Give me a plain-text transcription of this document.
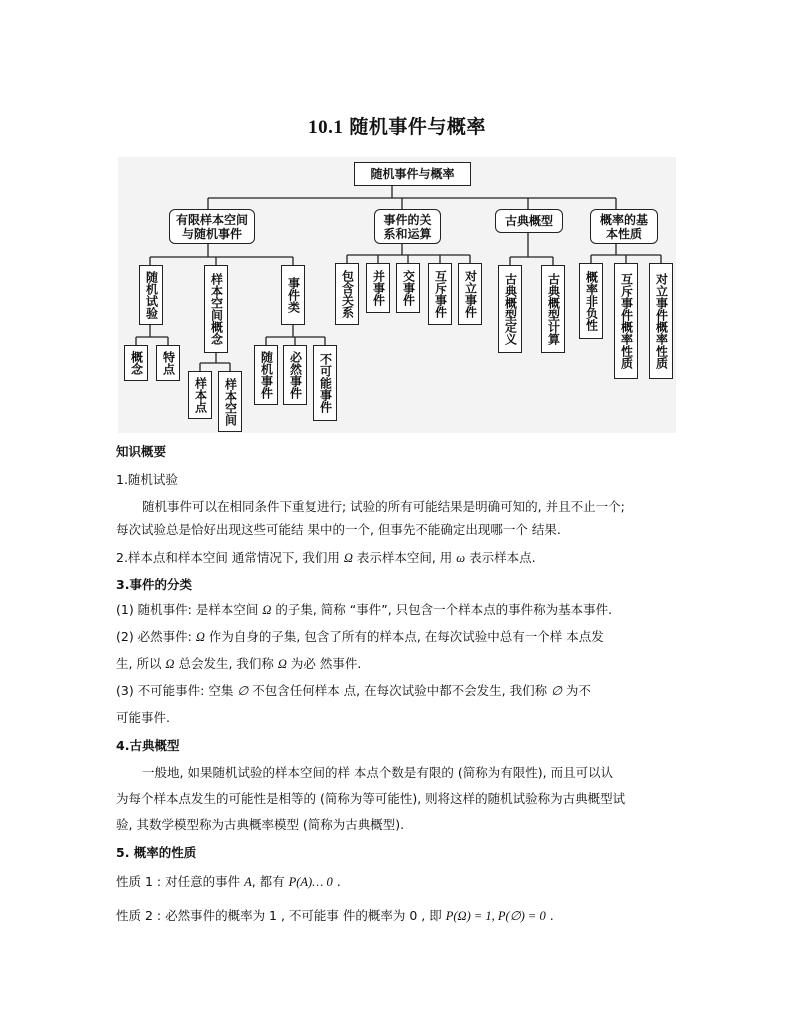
10.1 随机事件与概率
随机事件与概率
有限样本空间
与随机事件
事件的关
系和运算
古典概型	概率的基
本性质
随机试验	样本空间概念	事件类
概念	特点
样本点	样本空间
随机事件	必然事件	不可能事件
包含关系	并事件	交事件	互斥事件	对立事件	古典概型定义	古典概型计算	概率非负性	互斥事件概率性质	对立事件概率性质
知识概要
1.随机试验
随机事件可以在相同条件下重复进行; 试验的所有可能结果是明确可知的, 并且不止一个;
每次试验总是恰好出现这些可能结 果中的一个, 但事先不能确定出现哪一个 结果.
2.样本点和样本空间 通常情况下, 我们用 Ω 表示样本空间, 用 ω 表示样本点.
3.事件的分类
(1) 随机事件: 是样本空间 Ω 的子集, 简称 “事件”, 只包含一个样本点的事件称为基本事件.
(2) 必然事件: Ω 作为自身的子集, 包含了所有的样本点, 在每次试验中总有一个样 本点发
生, 所以 Ω 总会发生, 我们称 Ω 为必 然事件.
(3) 不可能事件: 空集 ∅ 不包含任何样本 点, 在每次试验中都不会发生, 我们称 ∅ 为不
可能事件.
4.古典概型
一般地, 如果随机试验的样本空间的样 本点个数是有限的 (简称为有限性), 而且可以认
为每个样本点发生的可能性是相等的 (简称为等可能性), 则将这样的随机试验称为古典概型试
验, 其数学模型称为古典概率模型 (简称为古典概型).
5. 概率的性质
性质 1 : 对任意的事件 A, 都有 P(A)… 0 .
性质 2 : 必然事件的概率为 1 , 不可能事 件的概率为 0 , 即 P(Ω) = 1, P(∅) = 0 .
